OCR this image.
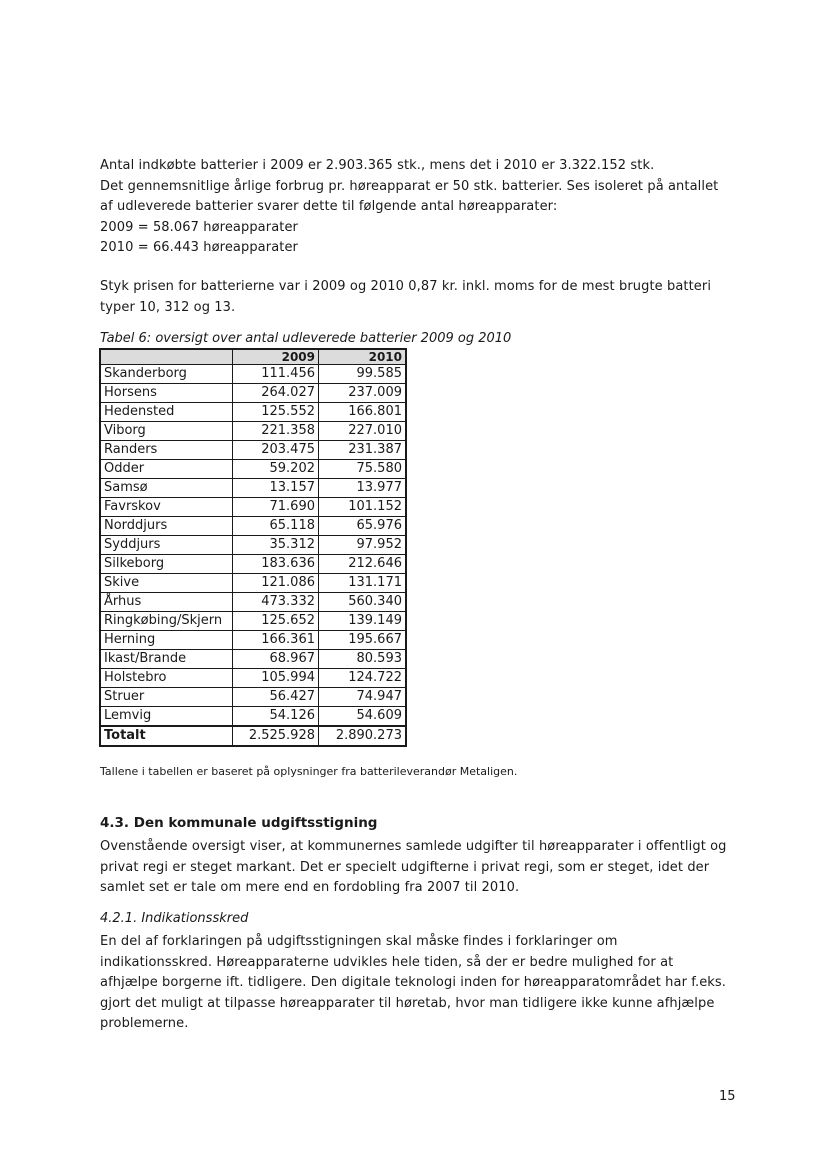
Antal indkøbte batterier i 2009 er 2.903.365 stk., mens det i 2010 er 3.322.152 stk.
Det gennemsnitlige årlige forbrug pr. høreapparat er 50 stk. batterier. Ses isoleret på antallet
af udleverede batterier svarer dette til følgende antal høreapparater:
2009 = 58.067 høreapparater
2010 = 66.443 høreapparater
Styk prisen for batterierne var i 2009 og 2010 0,87 kr. inkl. moms for de mest brugte batteri
typer 10, 312 og 13.
Tabel 6: oversigt over antal udleverede batterier 2009 og 2010
	2009	2010
Skanderborg	111.456	99.585
Horsens	264.027	237.009
Hedensted	125.552	166.801
Viborg	221.358	227.010
Randers	203.475	231.387
Odder	59.202	75.580
Samsø	13.157	13.977
Favrskov	71.690	101.152
Norddjurs	65.118	65.976
Syddjurs	35.312	97.952
Silkeborg	183.636	212.646
Skive	121.086	131.171
Århus	473.332	560.340
Ringkøbing/Skjern	125.652	139.149
Herning	166.361	195.667
Ikast/Brande	68.967	80.593
Holstebro	105.994	124.722
Struer	56.427	74.947
Lemvig	54.126	54.609
Totalt	2.525.928	2.890.273
Tallene i tabellen er baseret på oplysninger fra batterileverandør Metaligen.
4.3. Den kommunale udgiftsstigning
Ovenstående oversigt viser, at kommunernes samlede udgifter til høreapparater i offentligt og
privat regi er steget markant. Det er specielt udgifterne i privat regi, som er steget, idet der
samlet set er tale om mere end en fordobling fra 2007 til 2010.
4.2.1. Indikationsskred
En del af forklaringen på udgiftsstigningen skal måske findes i forklaringer om
indikationsskred. Høreapparaterne udvikles hele tiden, så der er bedre mulighed for at
afhjælpe borgerne ift. tidligere. Den digitale teknologi inden for høreapparatområdet har f.eks.
gjort det muligt at tilpasse høreapparater til høretab, hvor man tidligere ikke kunne afhjælpe
problemerne.
15
